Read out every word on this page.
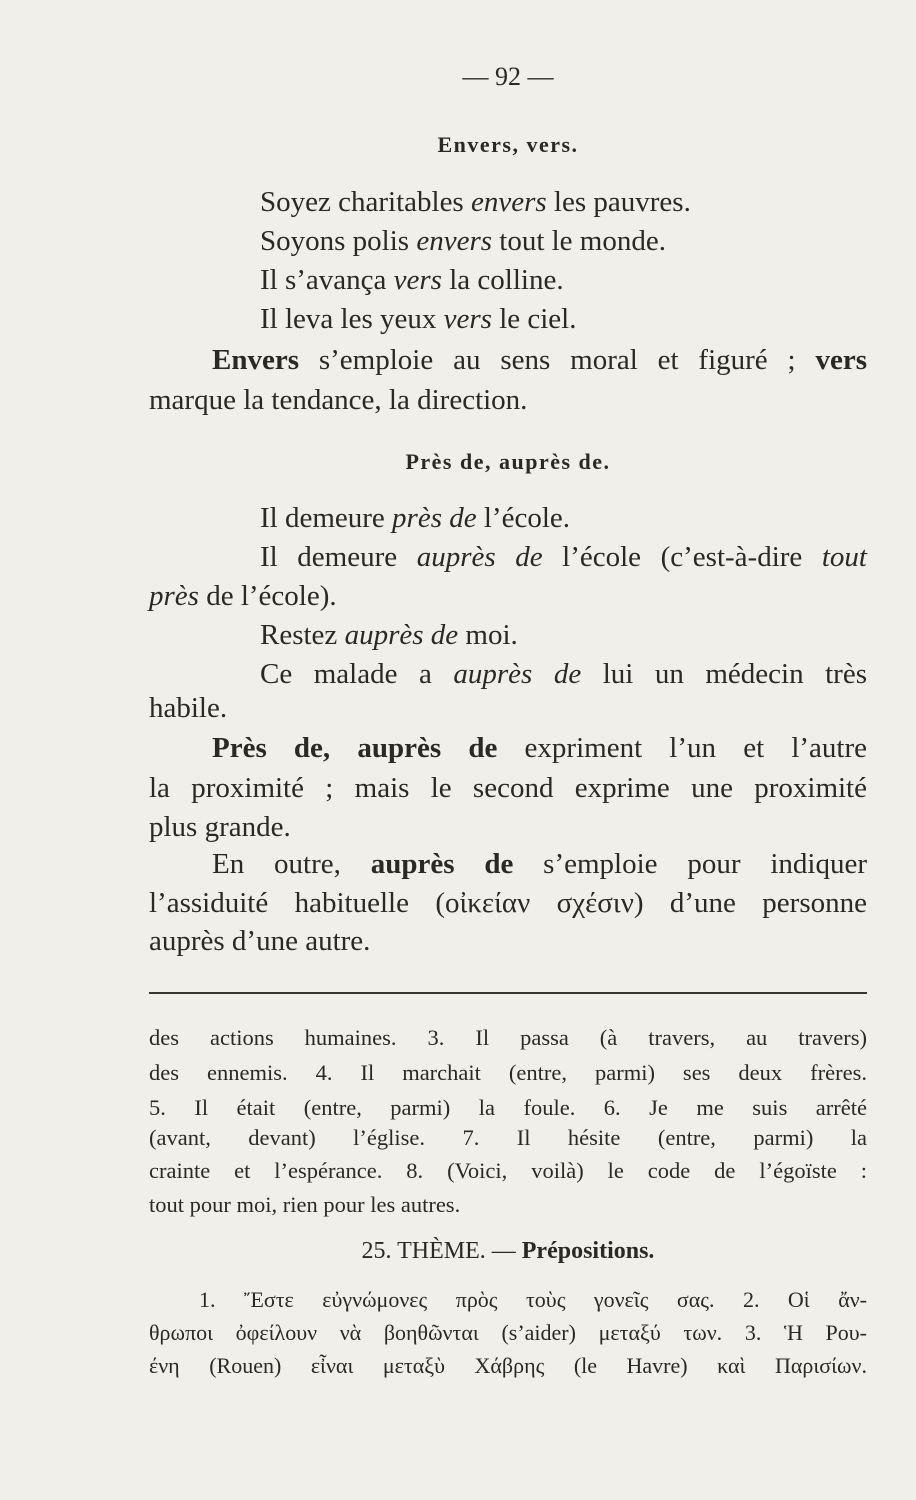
— 92 —
Envers, vers.
Soyez charitables envers les pauvres.
Soyons polis envers tout le monde.
Il s’avança vers la colline.
Il leva les yeux vers le ciel.
Envers s’emploie au sens moral et figuré ; vers
marque la tendance, la direction.
Près de, auprès de.
Il demeure près de l’école.
Il demeure auprès de l’école (c’est-à-dire tout
près de l’école).
Restez auprès de moi.
Ce malade a auprès de lui un médecin très
habile.
Près de, auprès de expriment l’un et l’autre
la proximité ; mais le second exprime une proximité
plus grande.
En outre, auprès de s’emploie pour indiquer
l’assiduité habituelle (οἰκείαν σχέσιν) d’une personne
auprès d’une autre.
des actions humaines. 3. Il passa (à travers, au travers)
des ennemis. 4. Il marchait (entre, parmi) ses deux frères.
5. Il était (entre, parmi) la foule. 6. Je me suis arrêté
(avant, devant) l’église. 7. Il hésite (entre, parmi) la
crainte et l’espérance. 8. (Voici, voilà) le code de l’égoïste :
tout pour moi, rien pour les autres.
25. THÈME. — Prépositions.
1. Ἔστε εὐγνώμονες πρὸς τοὺς γονεῖς σας. 2. Οἱ ἄν-
θρωποι ὀφείλουν νὰ βοηθῶνται (s’aider) μεταξύ των. 3. Ἡ Ρου-
ένη (Rouen) εἶναι μεταξὺ Χάβρης (le Havre) καὶ Παρισίων.
